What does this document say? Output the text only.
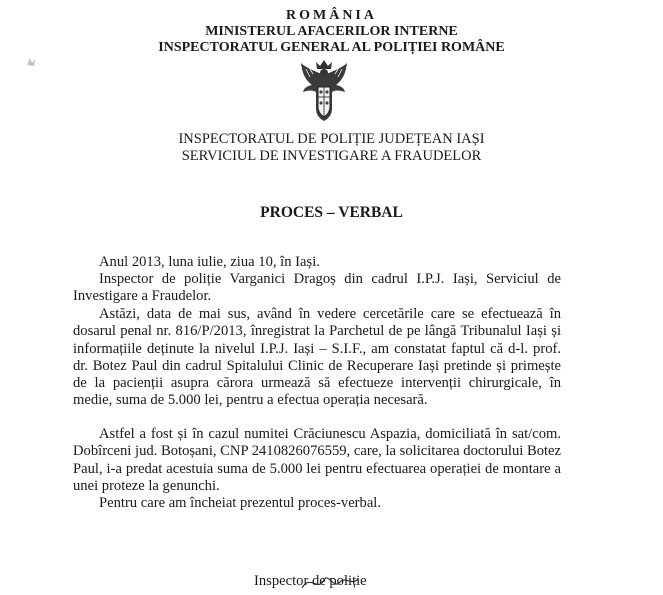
ROMÂNIA
MINISTERUL AFACERILOR INTERNE
INSPECTORATUL GENERAL AL POLIȚIEI ROMÂNE
INSPECTORATUL DE POLIȚIE JUDEȚEAN IAȘI
SERVICIUL DE INVESTIGARE A FRAUDELOR
PROCES – VERBAL

Anul 2013, luna iulie, ziua 10, în Iași.

Inspector de poliție Varganici Dragoș din cadrul I.P.J. Iași, Serviciul de Investigare a Fraudelor.

Astăzi, data de mai sus, având în vedere cercetările care se efectuează în dosarul penal nr. 816/P/2013, înregistrat la Parchetul de pe lângă Tribunalul Iași și informațiile deținute la nivelul I.P.J. Iași – S.I.F., am constatat faptul că d-l. prof. dr. Botez Paul din cadrul Spitalului Clinic de Recuperare Iași pretinde și primește de la pacienții asupra cărora urmează să efectueze intervenții chirurgicale, în medie, suma de 5.000 lei, pentru a efectua operația necesară.

Astfel a fost și în cazul numitei Crăciunescu Aspazia, domiciliată în sat/com. Dobîrceni jud. Botoșani, CNP 2410826076559, care, la solicitarea doctorului Botez Paul, i-a predat acestuia suma de 5.000 lei pentru efectuarea operației de montare a unei proteze la genunchi.

Pentru care am încheiat prezentul proces-verbal.

Inspector de poliție
